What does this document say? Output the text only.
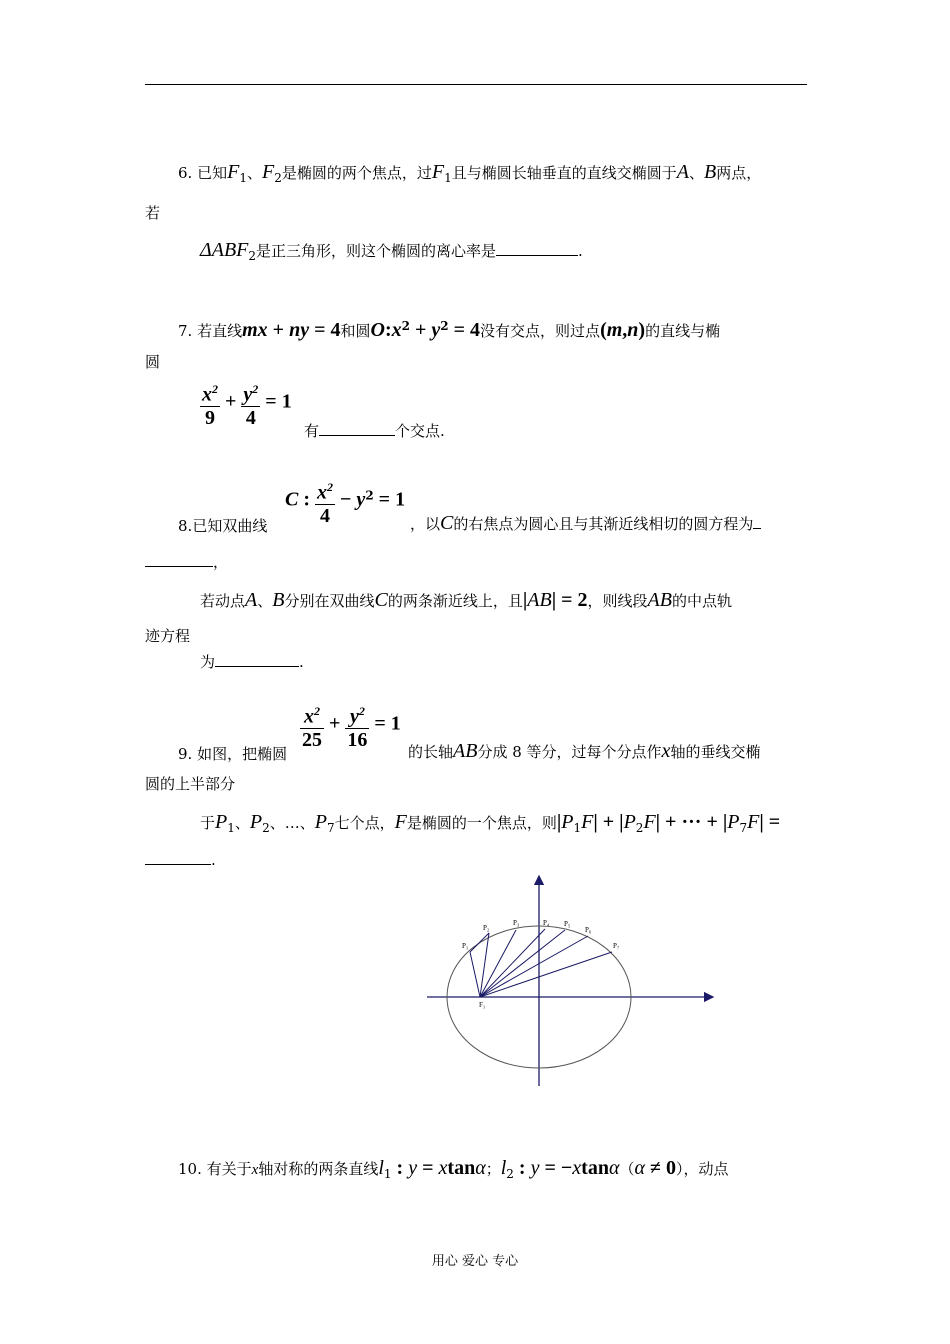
6. 已知$F_1$、$F_2$是椭圆的两个焦点，过$F_1$且与椭圆长轴垂直的直线交椭圆于A、B两点，
若
$\Delta ABF_2$是正三角形，则这个椭圆的离心率是	.
7. 若直线mx + ny = 4和圆$O:x^2 + y^2 = 4$没有交点，则过点(m,n)的直线与椭
圆
$\frac{x^2}{9} + \frac{y^2}{4} = 1$
有	个交点.
C : $\frac{x^2}{4} - y^2 = 1$
8.已知双曲线	，以C的右焦点为圆心且与其渐近线相切的圆方程为
，
若动点A、B分别在双曲线C的两条渐近线上，且|AB| = 2，则线段AB的中点轨
迹方程
为	.
$\frac{x^2}{25} + \frac{y^2}{16} = 1$
9. 如图，把椭圆	的长轴AB分成 8 等分，过每个分点作x轴的垂线交椭
圆的上半部分
于$P_1$、$P_2$、…、$P_7$七个点，F是椭圆的一个焦点，则$|P_1F| + |P_2F|$ + ··· + $|P_7F|$ =
.
P₁
P₂
P₃	P₄ P₅
P₆
P₇
F₁
10. 有关于x轴对称的两条直线$l_1$ : y = xtanα；$l_2$ : y = −xtanα（α ≠ 0），动点
用心 爱心 专心
